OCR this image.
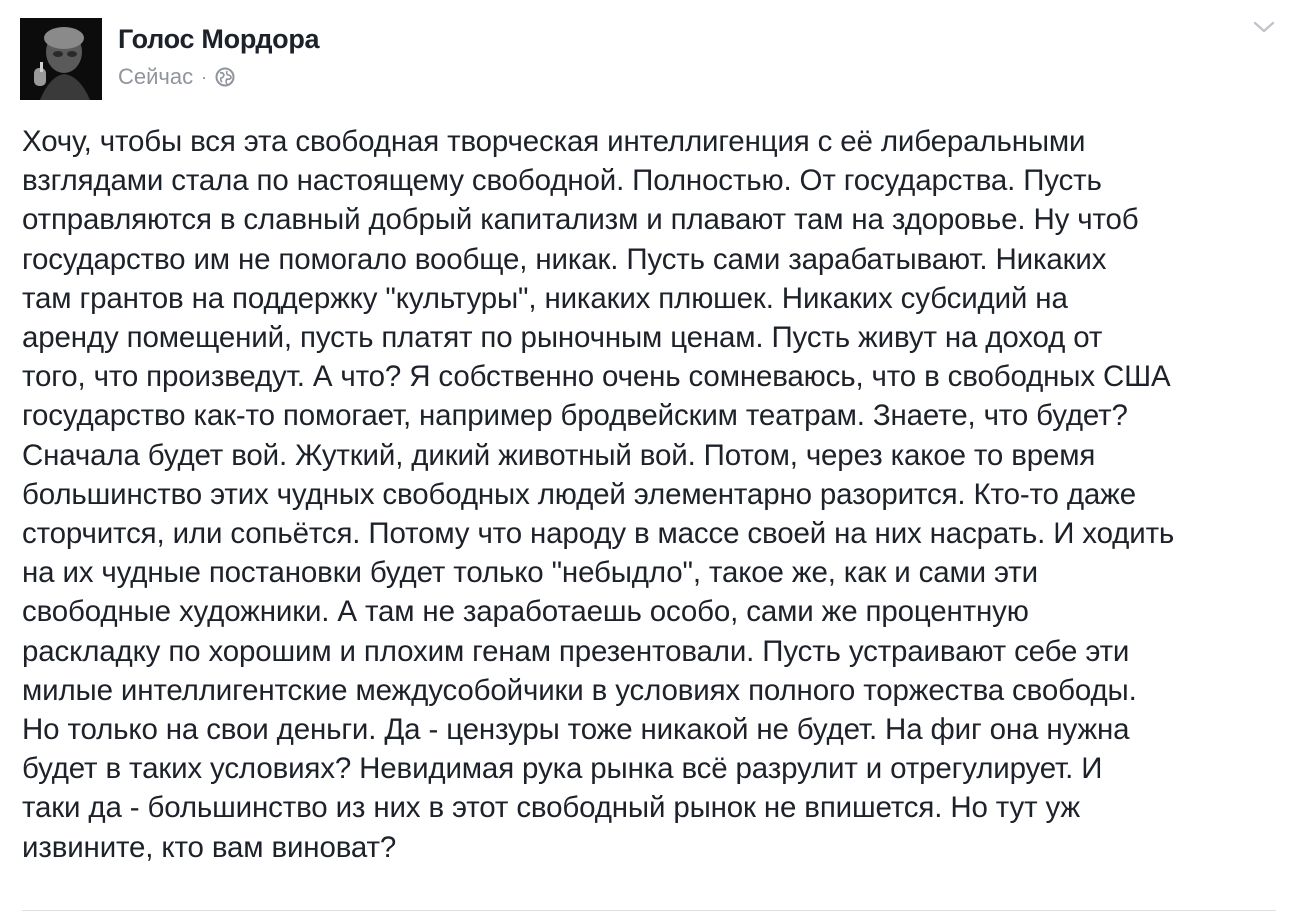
Голос Мордора
Сейчас ·

Хочу, чтобы вся эта свободная творческая интеллигенция с её либеральными
взглядами стала по настоящему свободной. Полностью. От государства. Пусть
отправляются в славный добрый капитализм и плавают там на здоровье. Ну чтоб
государство им не помогало вообще, никак. Пусть сами зарабатывают. Никаких
там грантов на поддержку "культуры", никаких плюшек. Никаких субсидий на
аренду помещений, пусть платят по рыночным ценам. Пусть живут на доход от
того, что произведут. А что? Я собственно очень сомневаюсь, что в свободных США
государство как-то помогает, например бродвейским театрам. Знаете, что будет?
Сначала будет вой. Жуткий, дикий животный вой. Потом, через какое то время
большинство этих чудных свободных людей элементарно разорится. Кто-то даже
сторчится, или сопьётся. Потому что народу в массе своей на них насрать. И ходить
на их чудные постановки будет только "небыдло", такое же, как и сами эти
свободные художники. А там не заработаешь особо, сами же процентную
раскладку по хорошим и плохим генам презентовали. Пусть устраивают себе эти
милые интеллигентские междусобойчики в условиях полного торжества свободы.
Но только на свои деньги. Да - цензуры тоже никакой не будет. На фиг она нужна
будет в таких условиях? Невидимая рука рынка всё разрулит и отрегулирует. И
таки да - большинство из них в этот свободный рынок не впишется. Но тут уж
извините, кто вам виноват?
